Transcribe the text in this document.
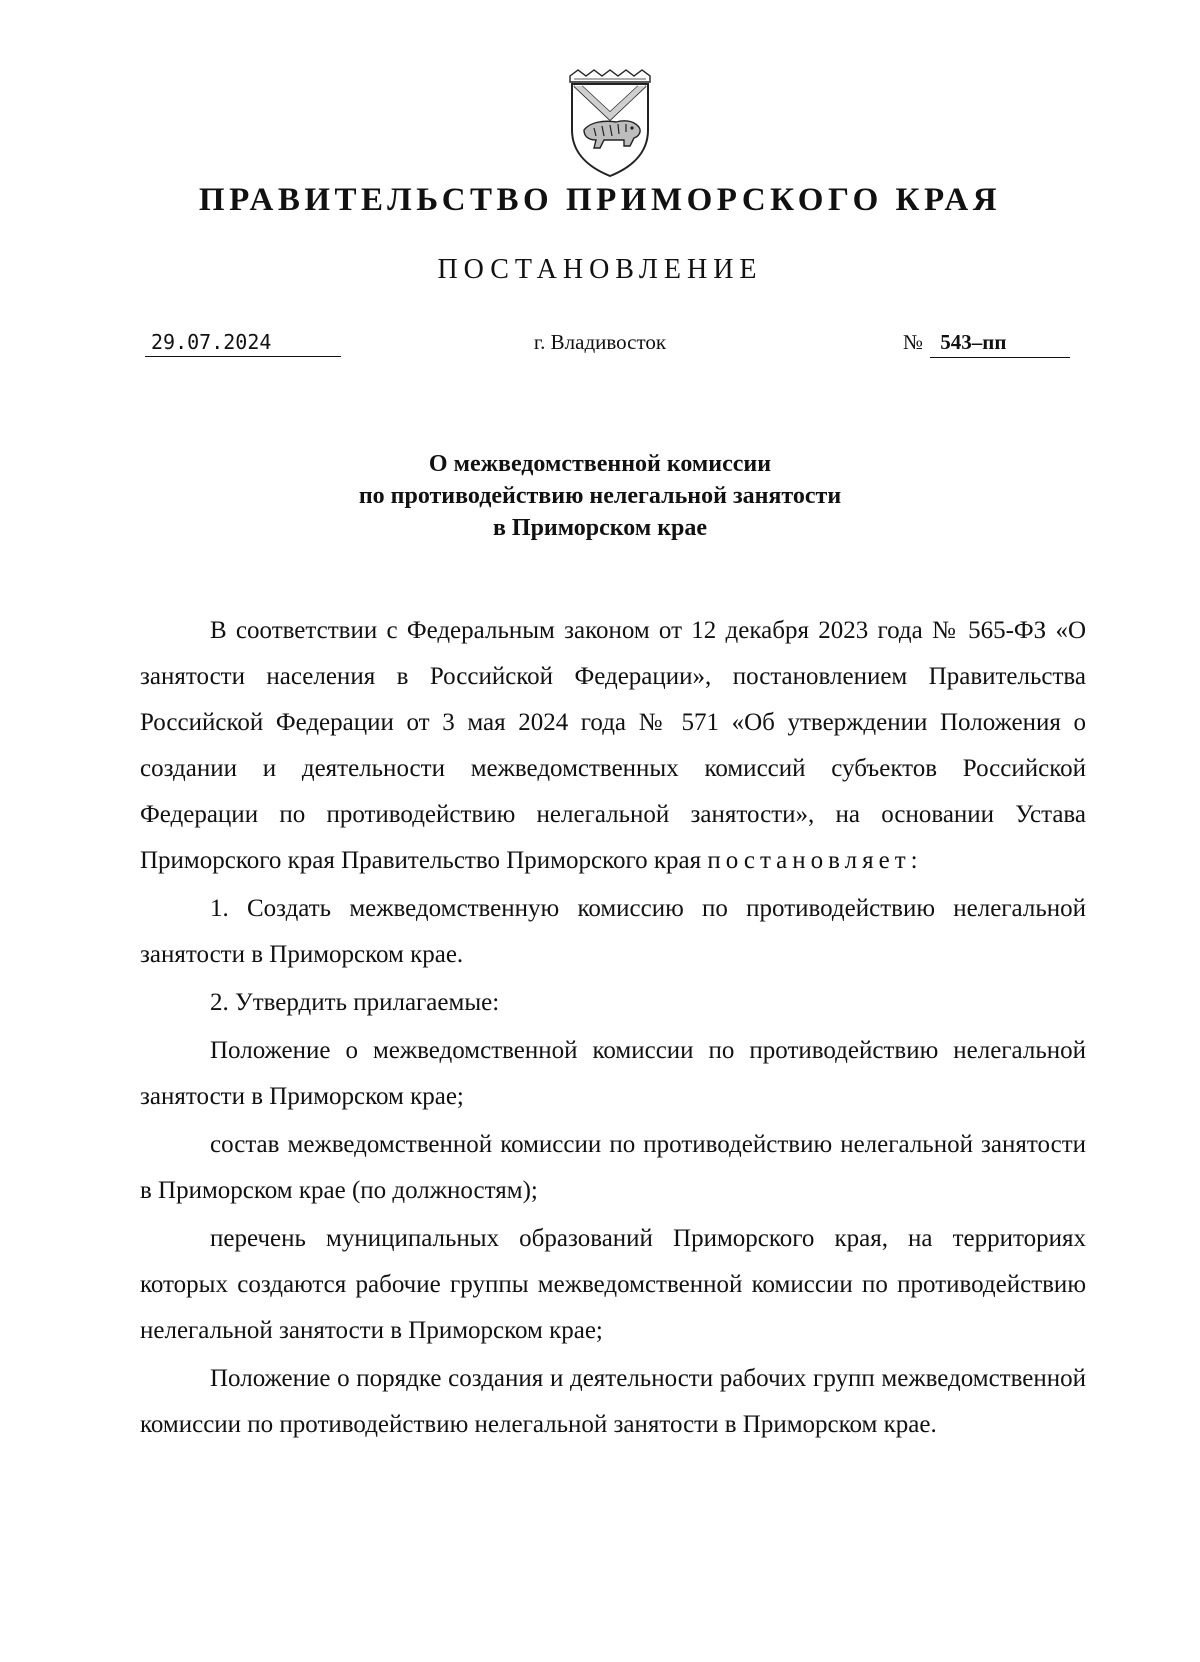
ПРАВИТЕЛЬСТВО ПРИМОРСКОГО КРАЯ
ПОСТАНОВЛЕНИЕ
29.07.2024	г. Владивосток	№ 543–пп
О межведомственной комиссии
по противодействию нелегальной занятости
в Приморском крае

В соответствии с Федеральным законом от 12 декабря 2023 года № 565-ФЗ «О занятости населения в Российской Федерации», постановлением Правительства Российской Федерации от 3 мая 2024 года № 571 «Об утверждении Положения о создании и деятельности межведомственных комиссий субъектов Российской Федерации по противодействию нелегальной занятости», на основании Устава Приморского края Правительство Приморского края постановляет:

1. Создать межведомственную комиссию по противодействию нелегальной занятости в Приморском крае.

2. Утвердить прилагаемые:

Положение о межведомственной комиссии по противодействию нелегальной занятости в Приморском крае;

состав межведомственной комиссии по противодействию нелегальной занятости в Приморском крае (по должностям);

перечень муниципальных образований Приморского края, на территориях которых создаются рабочие группы межведомственной комиссии по противодействию нелегальной занятости в Приморском крае;

Положение о порядке создания и деятельности рабочих групп межведомственной комиссии по противодействию нелегальной занятости в Приморском крае.
